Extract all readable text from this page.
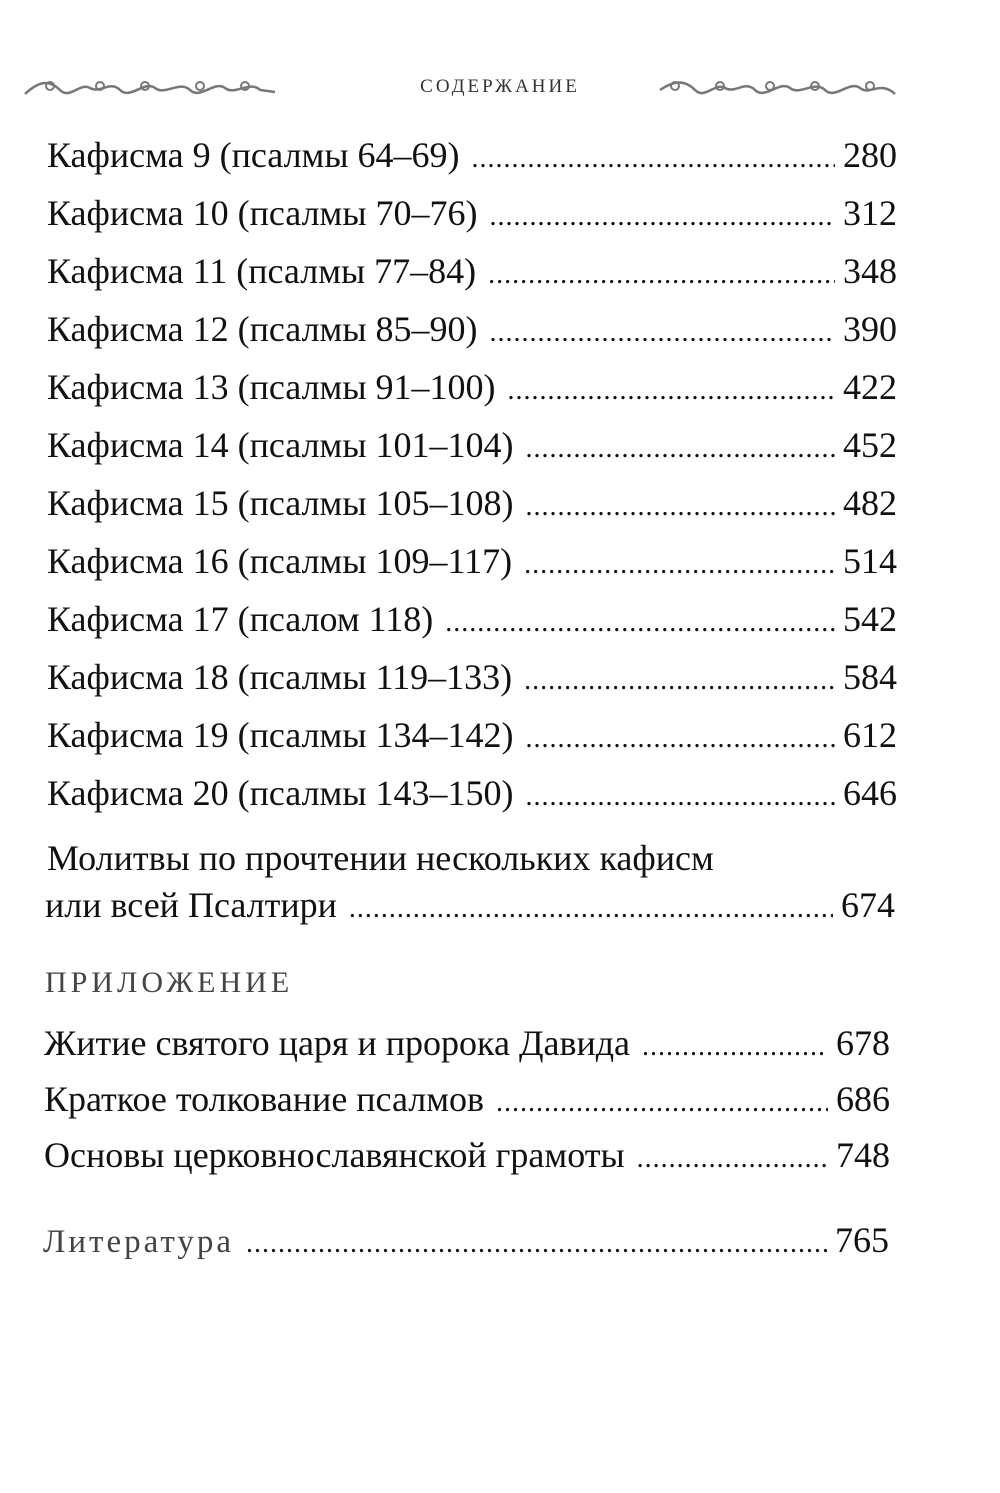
СОДЕРЖАНИЕ
Кафисма 9 (псалмы 64–69) .....	280
Кафисма 10 (псалмы 70–76) .....	312
Кафисма 11 (псалмы 77–84) .....	348
Кафисма 12 (псалмы 85–90) .....	390
Кафисма 13 (псалмы 91–100) .....	422
Кафисма 14 (псалмы 101–104) .....	452
Кафисма 15 (псалмы 105–108) .....	482
Кафисма 16 (псалмы 109–117) .....	514
Кафисма 17 (псалом 118) .....	542
Кафисма 18 (псалмы 119–133) .....	584
Кафисма 19 (псалмы 134–142) .....	612
Кафисма 20 (псалмы 143–150) .....	646
Молитвы по прочтении нескольких кафисм
или всей Псалтири .....	674
ПРИЛОЖЕНИЕ
Житие святого царя и пророка Давида .....	678
Краткое толкование псалмов .....	686
Основы церковнославянской грамоты .....	748
Литература .....	765
